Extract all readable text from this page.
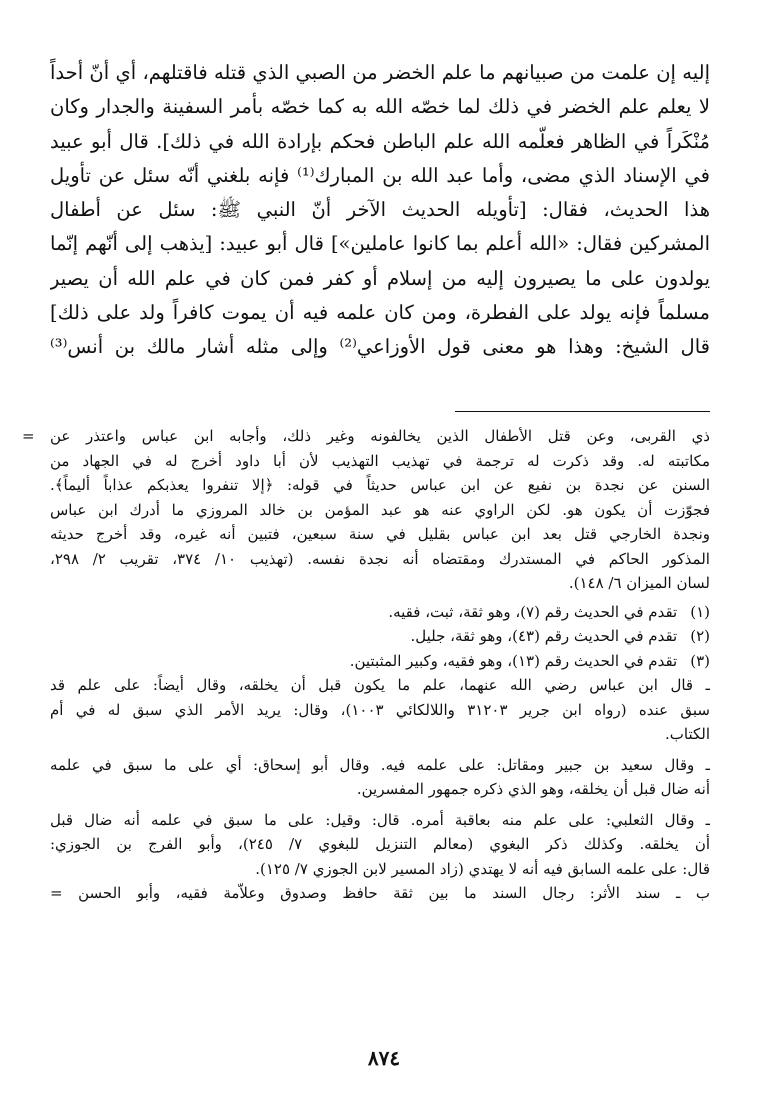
إليه إن علمت من صبيانهم ما علم الخضر من الصبي الذي قتله فاقتلهم، أي أنّ أحداً
لا يعلم علم الخضر في ذلك لما خصّه الله به كما خصّه بأمر السفينة والجدار وكان
مُنْكَراً في الظاهر فعلّمه الله علم الباطن فحكم بإرادة الله في ذلك]. قال أبو عبيد
في الإسناد الذي مضى، وأما عبد الله بن المبارك⁽¹⁾ فإنه بلغني أنّه سئل عن تأويل
هذا الحديث، فقال: [تأويله الحديث الآخر أنّ النبي ﷺ: سئل عن أطفال
المشركين فقال: «الله أعلم بما كانوا عاملين»] قال أبو عبيد: [يذهب إلى أنّهم إنّما
يولدون على ما يصيرون إليه من إسلام أو كفر فمن كان في علم الله أن يصير
مسلماً فإنه يولد على الفطرة، ومن كان علمه فيه أن يموت كافراً ولد على ذلك]
قال الشيخ: وهذا هو معنى قول الأوزاعي⁽²⁾ وإلى مثله أشار مالك بن أنس⁽³⁾
= ذي القربى، وعن قتل الأطفال الذين يخالفونه وغير ذلك، وأجابه ابن عباس واعتذر عن
مكاتبته له. وقد ذكرت له ترجمة في تهذيب التهذيب لأن أبا داود أخرج له في الجهاد من
السنن عن نجدة بن نفيع عن ابن عباس حديثاً في قوله: ﴿إلا تنفروا يعذبكم عذاباً أليماً﴾.
فجوّزت أن يكون هو. لكن الراوي عنه هو عبد المؤمن بن خالد المروزي ما أدرك ابن عباس
ونجدة الخارجي قتل بعد ابن عباس بقليل في سنة سبعين، فتبين أنه غيره، وقد أخرج حديثه
المذكور الحاكم في المستدرك ومقتضاه أنه نجدة نفسه. (تهذيب ١٠/ ٣٧٤، تقريب ٢/ ٢٩٨،
لسان الميزان ٦/ ١٤٨).
(١) تقدم في الحديث رقم (٧)، وهو ثقة، ثبت، فقيه.
(٢) تقدم في الحديث رقم (٤٣)، وهو ثقة، جليل.
(٣) تقدم في الحديث رقم (١٣)، وهو فقيه، وكبير المثبتين.
ـ قال ابن عباس رضي الله عنهما، علم ما يكون قبل أن يخلقه، وقال أيضاً: على علم قد
سبق عنده (رواه ابن جرير ٣١٢٠٣ واللالكائي ١٠٠٣)، وقال: يريد الأمر الذي سبق له في أم
الكتاب.
ـ وقال سعيد بن جبير ومقاتل: على علمه فيه. وقال أبو إسحاق: أي على ما سبق في علمه
أنه ضال قبل أن يخلقه، وهو الذي ذكره جمهور المفسرين.
ـ وقال الثعلبي: على علم منه بعاقبة أمره. قال: وقيل: على ما سبق في علمه أنه ضال قبل
أن يخلقه. وكذلك ذكر البغوي (معالم التنزيل للبغوي ٧/ ٢٤٥)، وأبو الفرج بن الجوزي:
قال: على علمه السابق فيه أنه لا يهتدي (زاد المسير لابن الجوزي ٧/ ١٢٥).
ب ـ سند الأثر: رجال السند ما بين ثقة حافظ وصدوق وعلاّمة فقيه، وأبو الحسن =
٨٧٤
